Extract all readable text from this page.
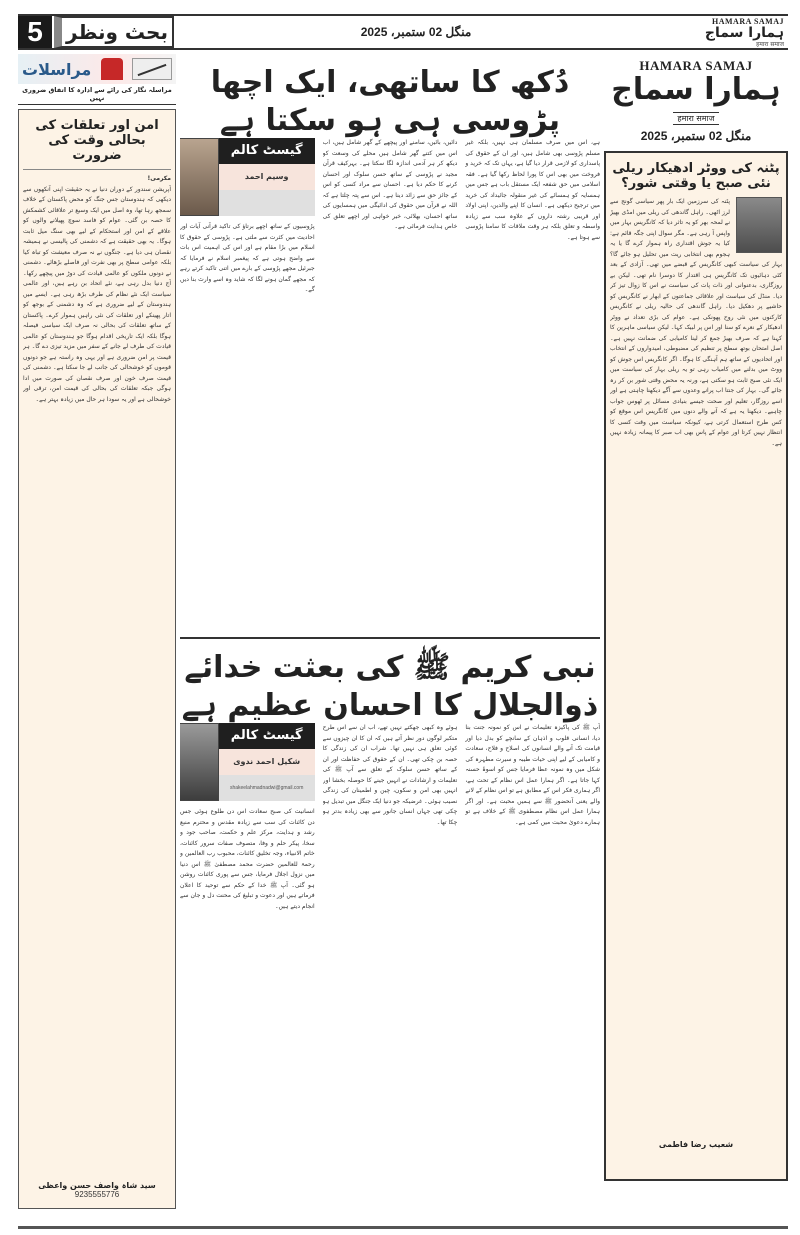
5	بحث ونظر	منگل 02 ستمبر، 2025
HAMARA SAMAJ
ہمارا سماج
हमारा समाज
مراسلات
مراسلہ نگار کی رائے سے ادارہ کا اتفاق ضروری نہیں
امن اور تعلقات کی بحالی وقت کی ضرورت
مکرمی!
آپریشن سندور کے دوران دنیا نے یہ حقیقت اپنی آنکھوں سے دیکھی کہ ہندوستان جس جنگ کو محض پاکستان کے خلاف سمجھ رہا تھا، وہ اصل میں ایک وسیع تر علاقائی کشمکش کا حصہ بن گئی۔ عوام کو فاسد سوچ پھیلانے والوں کو علاقے کے امن اور استحکام کے لیے بھی سنگ میل ثابت ہوگا۔ یہ بھی حقیقت ہے کہ دشمنی کی پالیسی نے ہمیشہ نقصان ہی دیا ہے۔ جنگوں نے نہ صرف معیشت کو تباہ کیا بلکہ عوامی سطح پر بھی نفرت اور فاصلے بڑھائے۔ دشمنی نے دونوں ملکوں کو عالمی قیادت کی دوڑ میں پیچھے رکھا۔ آج دنیا بدل رہی ہے، نئے اتحاد بن رہے ہیں، اور عالمی سیاست ایک نئے نظام کی طرف بڑھ رہی ہے۔ ایسے میں ہندوستان کے لیے ضروری ہے کہ وہ دشمنی کے بوجھ کو اتار پھینکے اور تعلقات کی نئی راہیں ہموار کرے۔ پاکستان کے ساتھ تعلقات کی بحالی نہ صرف ایک سیاسی فیصلہ ہوگا بلکہ ایک تاریخی اقدام ہوگا جو ہندوستان کو عالمی قیادت کی طرف لے جانے کے سفر میں مزید تیزی دے گا۔ ہر قیمت پر امن ضروری ہے اور یہی وہ راستہ ہے جو دونوں قوموں کو خوشحالی کی جانب لے جا سکتا ہے۔ دشمنی کی قیمت صرف خون اور صرف نقصان کی صورت میں ادا ہوگی جبکہ تعلقات کی بحالی کی قیمت امن، ترقی اور خوشحالی ہے اور یہ سودا ہر حال میں زیادہ بہتر ہے۔
سید شاہ واصف حسن واعظی
9235555776
دُکھ کا ساتھی، ایک اچھا پڑوسی ہی ہو سکتا ہے
گیسٹ کالم
وسیم احمد
پڑوسیوں کے ساتھ اچھے برتاؤ کی تاکید قرآنی آیات اور احادیث میں کثرت سے ملتی ہے۔ پڑوسی کے حقوق کا اسلام میں بڑا مقام ہے اور اس کی اہمیت اس بات سے واضح ہوتی ہے کہ پیغمبر اسلام نے فرمایا کہ جبرئیل مجھے پڑوسی کے بارے میں اتنی تاکید کرتے رہے کہ مجھے گمان ہونے لگا کہ شاید وہ اسے وارث بنا دیں گے۔
دائیں، بائیں، سامنے اور پیچھے کے گھر شامل ہیں، اب اس میں کتنے گھر شامل ہیں محلے کی وسعت کو دیکھ کر ہر آدمی اندازہ لگا سکتا ہے۔ بہرکیف قرآن مجید نے پڑوسی کے ساتھ حسن سلوک اور احسان کرنے کا حکم دیا ہے۔ احسان سے مراد کسی کو اس کے جائز حق سے زائد دینا ہے۔ اس سے پتہ چلتا ہے کہ اللہ نے قرآن میں حقوق کی ادائیگی میں ہمسایوں کی ساتھ احسان، بھلائی، خیر خواہی اور اچھے تعلق کی خاص ہدایت فرمائی ہے۔
ہے، اس میں صرف مسلمان ہی نہیں، بلکہ غیر مسلم پڑوسی بھی شامل ہیں، اور ان کے حقوق کی پاسداری کو لازمی قرار دیا گیا ہے، یہاں تک کہ خرید و فروخت میں بھی اس کا پورا لحاظ رکھا گیا ہے۔ فقہ اسلامی میں حق شفعہ ایک مستقل باب ہے جس میں ہمسایہ کو ہمسائے کی غیر منقولہ جائیداد کی خرید میں ترجیح دیکھی ہے۔ انسان کا اپنے والدین، اپنی اولاد اور قریبی رشتہ داروں کے علاوہ سب سے زیادہ واسطہ و تعلق بلکہ ہر وقت ملاقات کا سامنا پڑوسی سے ہوتا ہے۔
نبی کریم ﷺ کی بعثت خدائے ذوالجلال کا احسان عظیم ہے
گیسٹ کالم
شکیل احمد ندوی
shakeelahmadnadwi@gmail.com
انسانیت کی صبح سعادت اس دن طلوع ہوئی جس دن کائنات کی سب سے زیادہ مقدس و محترم منبع رشد و ہدایت، مرکز علم و حکمت، صاحب جود و سخا، پیکر حلم و وفا، متصوف صفات سرور کائنات، خاتم الانبیاء، وجہ تخلیق کائنات، محبوب رب العالمین و رحمۃ للعالمین حضرت محمد مصطفیٰ ﷺ اس دنیا میں نزول اجلال فرمایا، جس سے پوری کائنات روشن ہو گئی۔ آپ ﷺ خدا کے حکم سے توحید کا اعلان فرماتے ہیں اور دعوت و تبلیغ کی محنت دل و جان سے انجام دیتے ہیں۔
ہوئے وہ کبھی جھکتے نہیں تھے، اب ان سے اس طرح متکبر لوگوں دور نظر آتے ہیں کہ ان کا ان چیزوں سے کوئی تعلق ہی نہیں تھا۔ شراب ان کی زندگی کا حصہ بن چکی تھی۔ ان کے حقوق کی حفاظت اور ان کے ساتھ حسن سلوک کے تعلق سے آپ ﷺ کی تعلیمات و ارشادات نے انہیں جینے کا حوصلہ بخشا اور انہیں بھی امن و سکون، چین و اطمینان کی زندگی نصیب ہوئی۔ غرضیکہ جو دنیا ایک جنگل میں تبدیل ہو چکی تھی جہاں انسان جانور سے بھی زیادہ بدتر ہو چکا تھا۔
آپ ﷺ کی پاکیزہ تعلیمات نے اس کو نمونہ جنت بنا دیا، انسانی قلوب و اذہان کے سانچے کو بدل دیا اور قیامت تک آنے والے انسانوں کی اصلاح و فلاح، سعادت و کامیابی کے لیے اپنی حیات طیبہ و سیرت مطہرہ کی شکل میں وہ نمونہ عطا فرمایا جس کو اسوۂ حسنہ کہا جاتا ہے۔ اگر ہمارا عمل اس نظام کے تحت ہے، اگر ہماری فکر اس کے مطابق ہے تو اس نظام کے لانے والے یعنی آنحضور ﷺ سے ہمیں محبت ہے۔ اور اگر ہمارا عمل اس نظام مصطفوی ﷺ کے خلاف ہے تو ہمارے دعویٰ محبت میں کمی ہے۔
HAMARA SAMAJ
ہمارا سماج
हमारा समाज
منگل 02 ستمبر، 2025
پٹنہ کی ووٹر ادھیکار ریلی نئی صبح یا وقتی شور؟
پٹنہ کی سرزمین ایک بار پھر سیاسی گونج سے لرز اٹھی۔ راہل گاندھی کی ریلی میں امڈی بھیڑ نے لمحہ بھر کو یہ تاثر دیا کہ کانگریس بہار میں واپس آ رہی ہے۔ مگر سوال اپنی جگہ قائم ہے: کیا یہ جوش اقتداری راہ ہموار کرے گا یا یہ ہجوم بھی انتخابی ریت میں تحلیل ہو جائے گا؟ بہار کی سیاست کبھی کانگریس کے قبضے میں تھی۔ آزادی کے بعد کئی دہائیوں تک کانگریس ہی اقتدار کا دوسرا نام تھی۔ لیکن بے روزگاری، بدعنوانی اور ذات پات کی سیاست نے اس کا زوال تیز کر دیا۔ منڈل کی سیاست اور علاقائی جماعتوں کے ابھار نے کانگریس کو حاشیے پر دھکیل دیا۔ راہل گاندھی کی حالیہ ریلی نے کانگریس کارکنوں میں نئی روح پھونکی ہے۔ عوام کی بڑی تعداد نے ووٹر ادھیکار کے نعرے کو سنا اور اس پر لبیک کہا۔ لیکن سیاسی ماہرین کا کہنا ہے کہ صرف بھیڑ جمع کر لینا کامیابی کی ضمانت نہیں ہے۔ اصل امتحان بوتھ سطح پر تنظیم کی مضبوطی، امیدواروں کے انتخاب اور اتحادیوں کے ساتھ ہم آہنگی کا ہوگا۔ اگر کانگریس اس جوش کو ووٹ میں بدلنے میں کامیاب رہی تو یہ ریلی بہار کی سیاست میں ایک نئی صبح ثابت ہو سکتی ہے، ورنہ یہ محض وقتی شور بن کر رہ جائے گی۔ بہار کی جنتا اب پرانے وعدوں سے آگے دیکھنا چاہتی ہے اور اسے روزگار، تعلیم اور صحت جیسے بنیادی مسائل پر ٹھوس جواب چاہیے۔ دیکھنا یہ ہے کہ آنے والے دنوں میں کانگریس اس موقع کو کس طرح استعمال کرتی ہے، کیونکہ سیاست میں وقت کسی کا انتظار نہیں کرتا اور عوام کے پاس بھی اب صبر کا پیمانہ زیادہ نہیں ہے۔
شعیب رضا فاطمی
